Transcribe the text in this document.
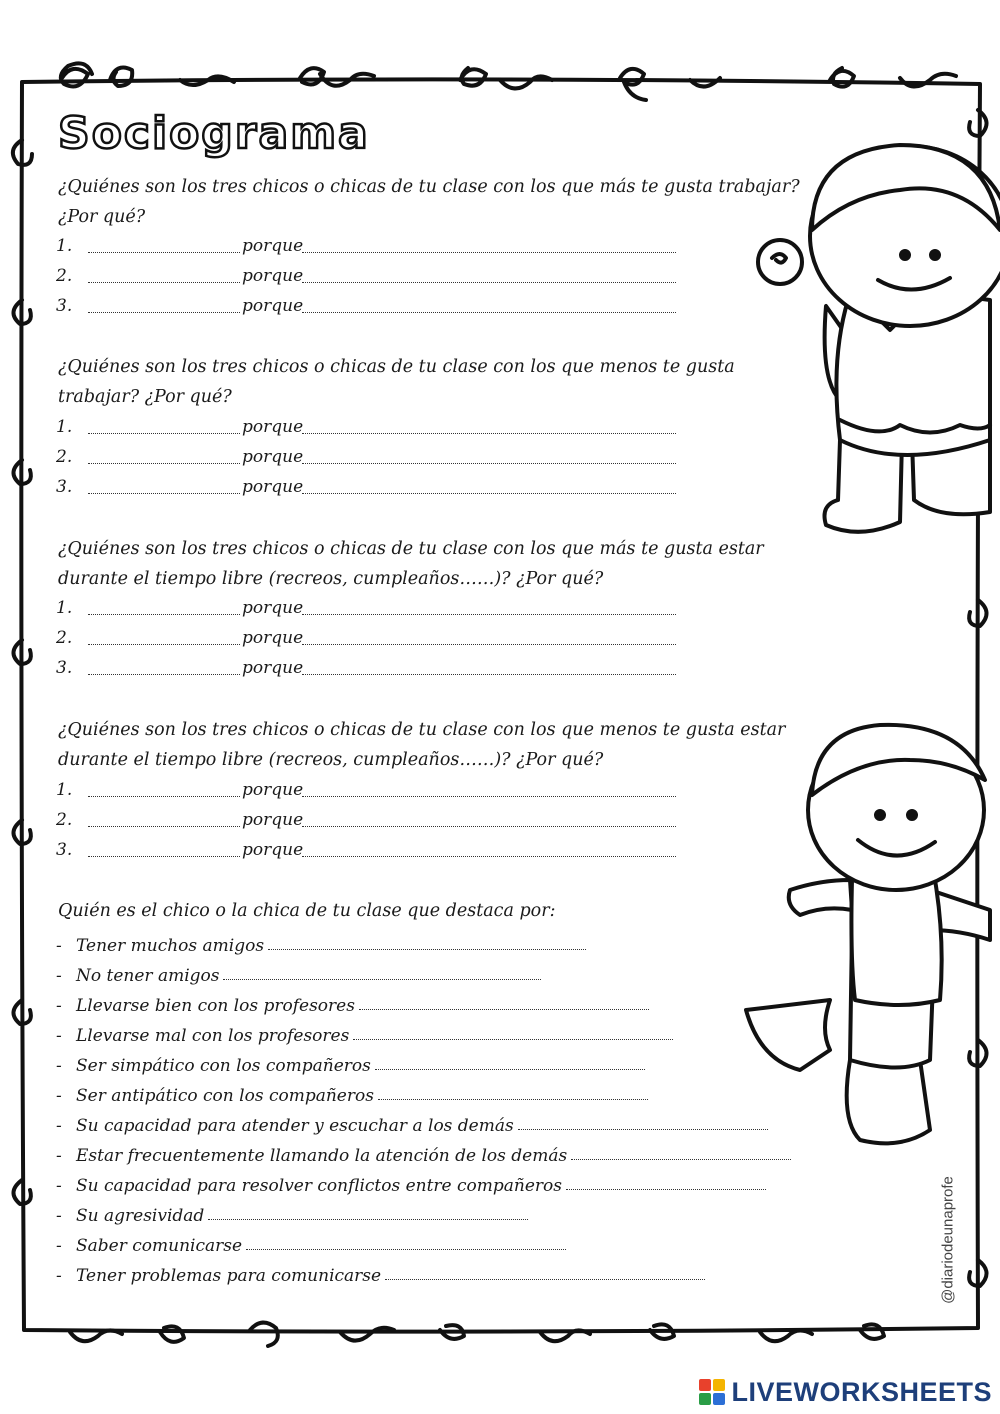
Sociograma

¿Quiénes son los tres chicos o chicas de tu clase con los que más te gusta trabajar? ¿Por qué?

1.	porque
2.	porque
3.	porque

¿Quiénes son los tres chicos o chicas de tu clase con los que menos te gusta trabajar? ¿Por qué?

1.	porque
2.	porque
3.	porque

¿Quiénes son los tres chicos o chicas de tu clase con los que más te gusta estar durante el tiempo libre (recreos, cumpleaños……)? ¿Por qué?

1.	porque
2.	porque
3.	porque

¿Quiénes son los tres chicos o chicas de tu clase con los que menos te gusta estar durante el tiempo libre (recreos, cumpleaños……)? ¿Por qué?

1.	porque
2.	porque
3.	porque

Quién es el chico o la chica de tu clase que destaca por:

- Tener muchos amigos
- No tener amigos
- Llevarse bien con los profesores
- Llevarse mal con los profesores
- Ser simpático con los compañeros
- Ser antipático con los compañeros
- Su capacidad para atender y escuchar a los demás
- Estar frecuentemente llamando la atención de los demás
- Su capacidad para resolver conflictos entre compañeros
- Su agresividad
- Saber comunicarse
- Tener problemas para comunicarse	@diariodeunaprofe
LIVEWORKSHEETS
